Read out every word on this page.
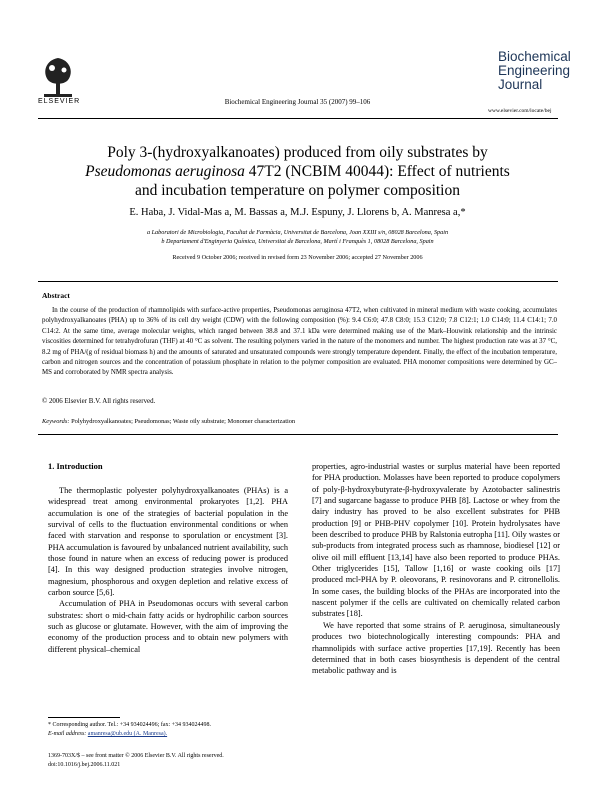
ELSEVIER	Biochemical Engineering Journal 35 (2007) 99–106
Biochemical
Engineering
Journal
www.elsevier.com/locate/bej
Poly 3-(hydroxyalkanoates) produced from oily substrates by
Pseudomonas aeruginosa 47T2 (NCBIM 40044): Effect of nutrients
and incubation temperature on polymer composition
E. Haba, J. Vidal-Mas a, M. Bassas a, M.J. Espuny, J. Llorens b, A. Manresa a,*
a Laboratori de Microbiologia, Facultat de Farmàcia, Universitat de Barcelona, Joan XXIII s/n, 08028 Barcelona, Spain
b Departament d'Enginyeria Química, Universitat de Barcelona, Martí i Franquès 1, 08028 Barcelona, Spain
Received 9 October 2006; received in revised form 23 November 2006; accepted 27 November 2006
Abstract
In the course of the production of rhamnolipids with surface-active properties, Pseudomonas aeruginosa 47T2, when cultivated in mineral medium with waste cooking, accumulates polyhydroxyalkanoates (PHA) up to 36% of its cell dry weight (CDW) with the following composition (%): 9.4 C6:0; 47.8 C8:0; 15.3 C12:0; 7.8 C12:1; 1.0 C14:0; 11.4 C14:1; 7.0 C14:2. At the same time, average molecular weights, which ranged between 38.8 and 37.1 kDa were determined making use of the Mark–Houwink relationship and the intrinsic viscosities determined for tetrahydrofuran (THF) at 40 °C as solvent. The resulting polymers varied in the nature of the monomers and number. The highest production rate was at 37 °C, 8.2 mg of PHA/(g of residual biomass h) and the amounts of saturated and unsaturated compounds were strongly temperature dependent. Finally, the effect of the incubation temperature, carbon and nitrogen sources and the concentration of potassium phosphate in relation to the polymer composition are evaluated. PHA monomer compositions were determined by GC–MS and corroborated by NMR spectra analysis.
© 2006 Elsevier B.V. All rights reserved.
Keywords: Polyhydroxyalkanoates; Pseudomonas; Waste oily substrate; Monomer characterization
1. Introduction

The thermoplastic polyester polyhydroxyalkanoates (PHAs) is a widespread treat among environmental prokaryotes [1,2]. PHA accumulation is one of the strategies of bacterial population in the survival of cells to the fluctuation environmental conditions or when faced with starvation and response to sporulation or encystment [3]. PHA accumulation is favoured by unbalanced nutrient availability, such those found in nature when an excess of reducing power is produced [4]. In this way designed production strategies involve nitrogen, magnesium, phosphorous and oxygen depletion and relative excess of carbon source [5,6].

Accumulation of PHA in Pseudomonas occurs with several carbon substrates: short o mid-chain fatty acids or hydrophilic carbon sources such as glucose or glutamate. However, with the aim of improving the economy of the production process and to obtain new polymers with different physical–chemical

properties, agro-industrial wastes or surplus material have been reported for PHA production. Molasses have been reported to produce copolymers of poly-β-hydroxybutyrate-β-hydroxyvalerate by Azotobacter salinestris [7] and sugarcane bagasse to produce PHB [8]. Lactose or whey from the dairy industry has proved to be also excellent substrates for PHB production [9] or PHB-PHV copolymer [10]. Protein hydrolysates have been described to produce PHB by Ralstonia eutropha [11]. Oily wastes or sub-products from integrated process such as rhamnose, biodiesel [12] or olive oil mill effluent [13,14] have also been reported to produce PHAs. Other triglycerides [15], Tallow [1,16] or waste cooking oils [17] produced mcl-PHA by P. oleovorans, P. resinovorans and P. citronellolis. In some cases, the building blocks of the PHAs are incorporated into the nascent polymer if the cells are cultivated on chemically related carbon substrates [18].

We have reported that some strains of P. aeruginosa, simultaneously produces two biotechnologically interesting compounds: PHA and rhamnolipids with surface active properties [17,19]. Recently has been determined that in both cases biosynthesis is dependent of the central metabolic pathway and is

* Corresponding author. Tel.: +34 934024496; fax: +34 934024498.
E-mail address: amanresa@ub.edu (A. Manresa).
1369-703X/$ – see front matter © 2006 Elsevier B.V. All rights reserved.
doi:10.1016/j.bej.2006.11.021
